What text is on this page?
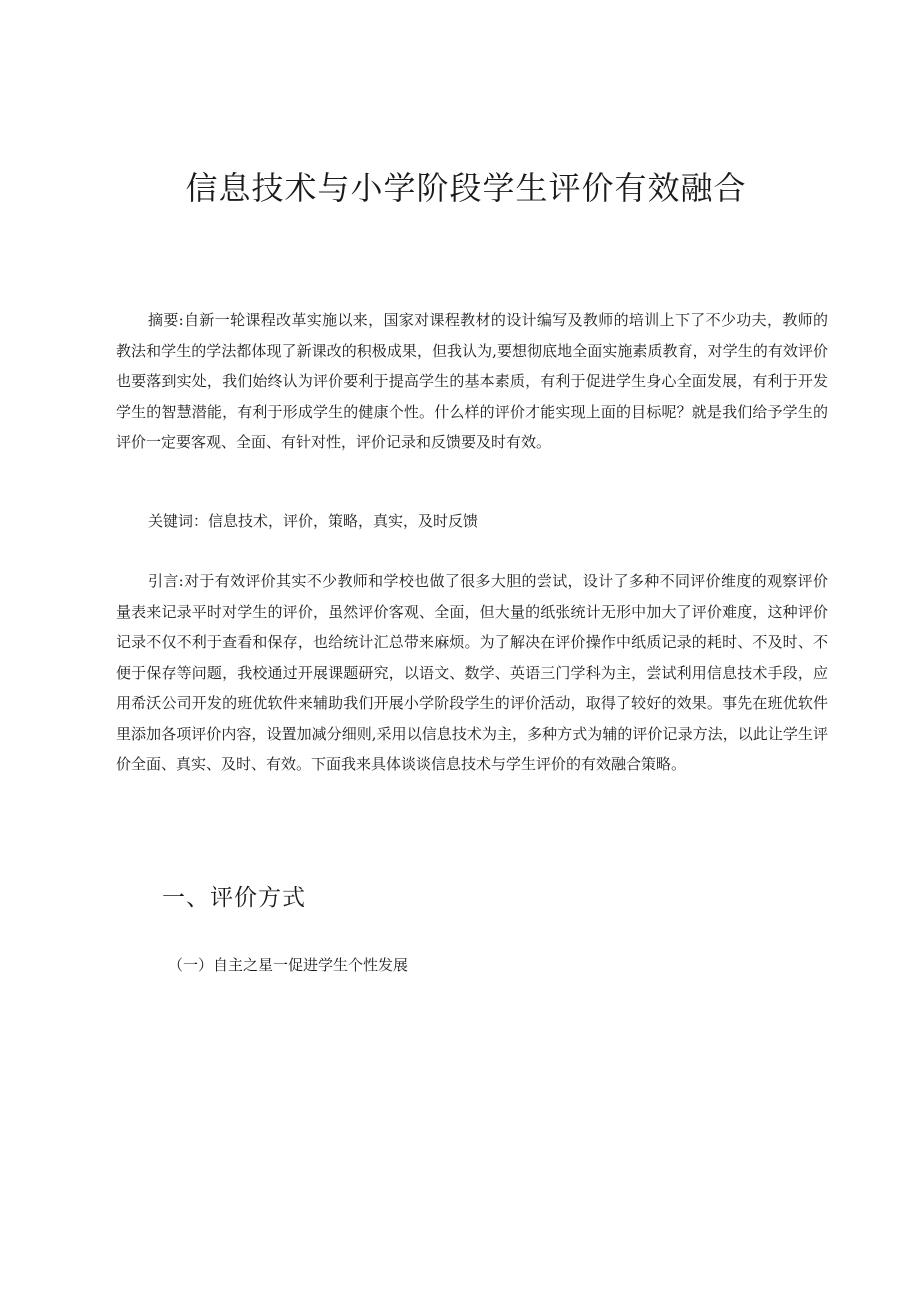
信息技术与小学阶段学生评价有效融合

摘要:自新一轮课程改革实施以来，国家对课程教材的设计编写及教师的培训上下了不少功夫，教师的教法和学生的学法都体现了新课改的积极成果，但我认为,要想彻底地全面实施素质教育，对学生的有效评价也要落到实处，我们始终认为评价要利于提高学生的基本素质，有利于促进学生身心全面发展，有利于开发学生的智慧潜能，有利于形成学生的健康个性。什么样的评价才能实现上面的目标呢？就是我们给予学生的评价一定要客观、全面、有针对性，评价记录和反馈要及时有效。

关键词：信息技术，评价，策略，真实，及时反馈

引言:对于有效评价其实不少教师和学校也做了很多大胆的尝试，设计了多种不同评价维度的观察评价量表来记录平时对学生的评价，虽然评价客观、全面，但大量的纸张统计无形中加大了评价难度，这种评价记录不仅不利于查看和保存，也给统计汇总带来麻烦。为了解决在评价操作中纸质记录的耗时、不及时、不便于保存等问题，我校通过开展课题研究，以语文、数学、英语三门学科为主，尝试利用信息技术手段，应用希沃公司开发的班优软件来辅助我们开展小学阶段学生的评价活动，取得了较好的效果。事先在班优软件里添加各项评价内容，设置加减分细则,采用以信息技术为主，多种方式为辅的评价记录方法，以此让学生评价全面、真实、及时、有效。下面我来具体谈谈信息技术与学生评价的有效融合策略。

一、评价方式
（一）自主之星一促进学生个性发展
